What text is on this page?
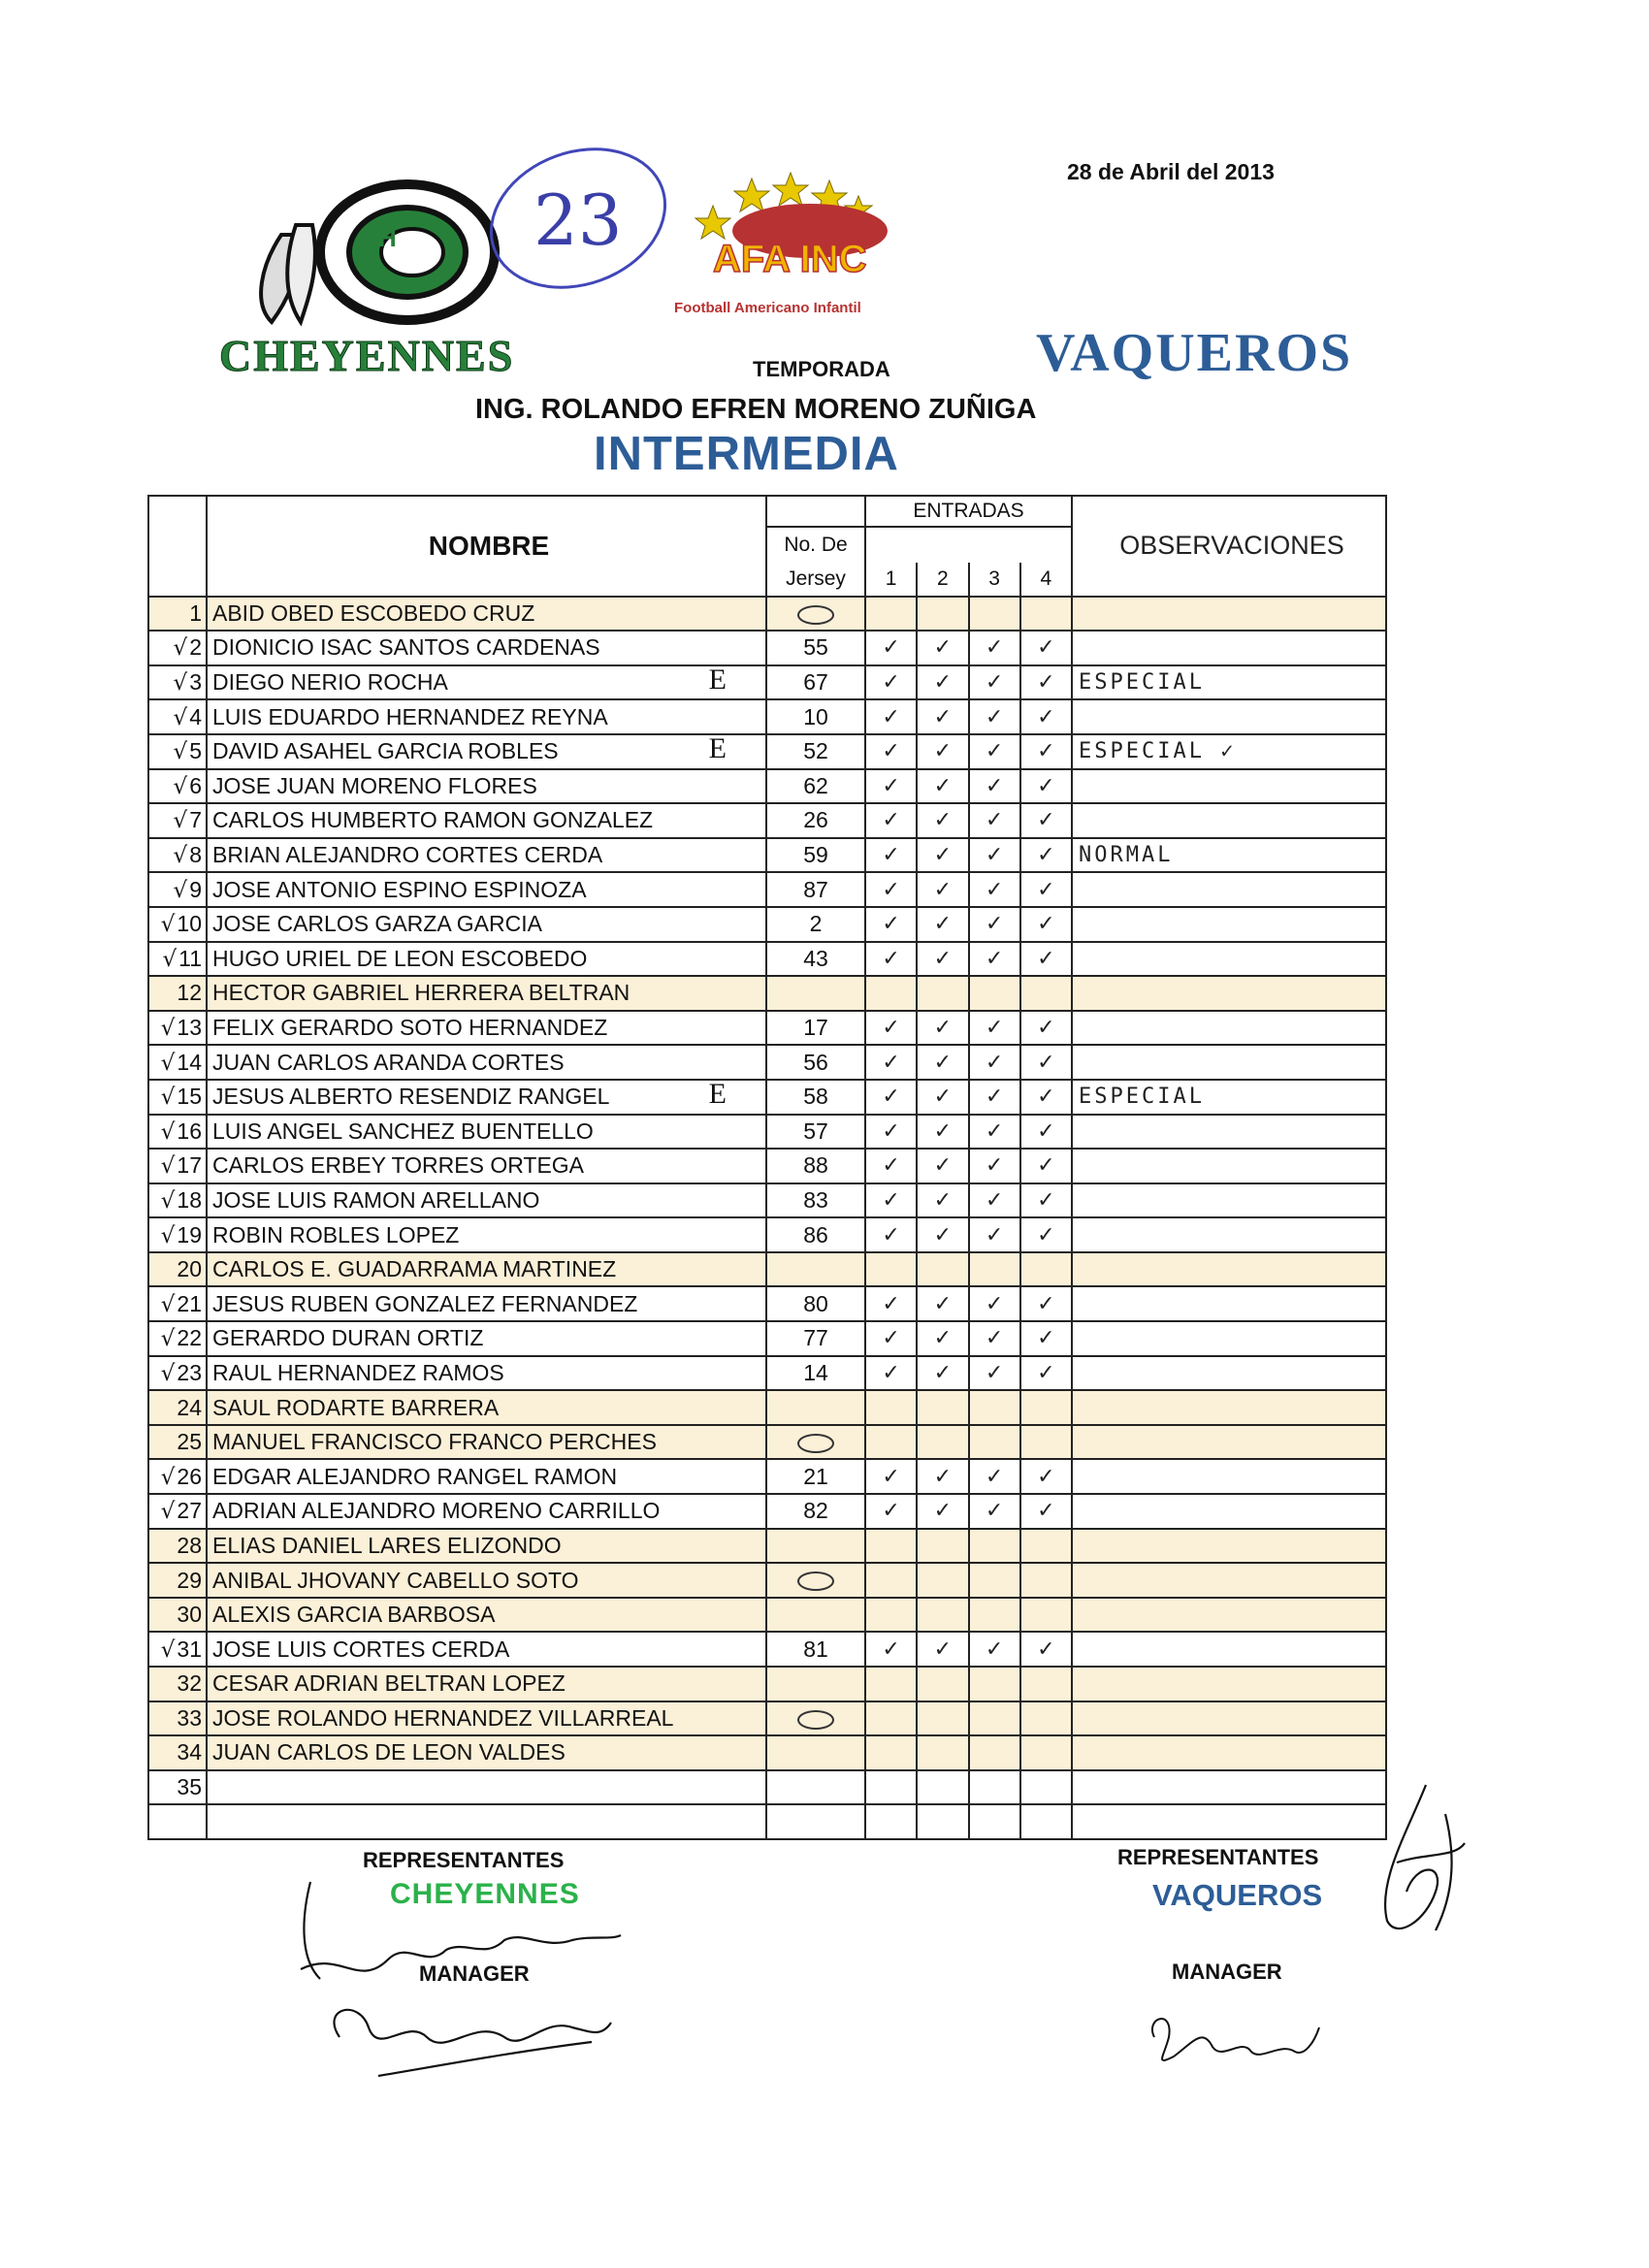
28 de Abril del 2013
H 23 AFA INC
Football Americano Infantil
CHEYENNES	TEMPORADA	VAQUEROS
ING. ROLANDO EFREN MORENO ZUÑIGA
INTERMEDIA
	NOMBRE		ENTRADAS				OBSERVACIONES
		No. De					
		Jersey	1	2	3	4	
1	ABID OBED ESCOBEDO CRUZ						
√2	DIONICIO ISAC SANTOS CARDENAS	55	✓	✓	✓	✓	
√3	DIEGO NERIO ROCHA E	67	✓	✓	✓	✓	ESPECIAL
√4	LUIS EDUARDO HERNANDEZ REYNA	10	✓	✓	✓	✓	
√5	DAVID ASAHEL GARCIA ROBLES E	52	✓	✓	✓	✓	ESPECIAL ✓
√6	JOSE JUAN MORENO FLORES	62	✓	✓	✓	✓	
√7	CARLOS HUMBERTO RAMON GONZALEZ	26	✓	✓	✓	✓	
√8	BRIAN ALEJANDRO CORTES CERDA	59	✓	✓	✓	✓	NORMAL
√9	JOSE ANTONIO ESPINO ESPINOZA	87	✓	✓	✓	✓	
√10	JOSE CARLOS GARZA GARCIA	2	✓	✓	✓	✓	
√11	HUGO URIEL DE LEON ESCOBEDO	43	✓	✓	✓	✓	
12	HECTOR GABRIEL HERRERA BELTRAN						
√13	FELIX GERARDO SOTO HERNANDEZ	17	✓	✓	✓	✓	
√14	JUAN CARLOS ARANDA CORTES	56	✓	✓	✓	✓	
√15	JESUS ALBERTO RESENDIZ RANGEL E	58	✓	✓	✓	✓	ESPECIAL
√16	LUIS ANGEL SANCHEZ BUENTELLO	57	✓	✓	✓	✓	
√17	CARLOS ERBEY TORRES ORTEGA	88	✓	✓	✓	✓	
√18	JOSE LUIS RAMON ARELLANO	83	✓	✓	✓	✓	
√19	ROBIN ROBLES LOPEZ	86	✓	✓	✓	✓	
20	CARLOS E. GUADARRAMA MARTINEZ						
√21	JESUS RUBEN GONZALEZ FERNANDEZ	80	✓	✓	✓	✓	
√22	GERARDO DURAN ORTIZ	77	✓	✓	✓	✓	
√23	RAUL HERNANDEZ RAMOS	14	✓	✓	✓	✓	
24	SAUL RODARTE BARRERA						
25	MANUEL FRANCISCO FRANCO PERCHES						
√26	EDGAR ALEJANDRO RANGEL RAMON	21	✓	✓	✓	✓	
√27	ADRIAN ALEJANDRO MORENO CARRILLO	82	✓	✓	✓	✓	
28	ELIAS DANIEL LARES ELIZONDO						
29	ANIBAL JHOVANY CABELLO SOTO						
30	ALEXIS GARCIA BARBOSA						
√31	JOSE LUIS CORTES CERDA	81	✓	✓	✓	✓	
32	CESAR ADRIAN BELTRAN LOPEZ						
33	JOSE ROLANDO HERNANDEZ VILLARREAL						
34	JUAN CARLOS DE LEON VALDES						
35							

REPRESENTANTES
CHEYENNES
MANAGER
REPRESENTANTES
VAQUEROS
MANAGER
